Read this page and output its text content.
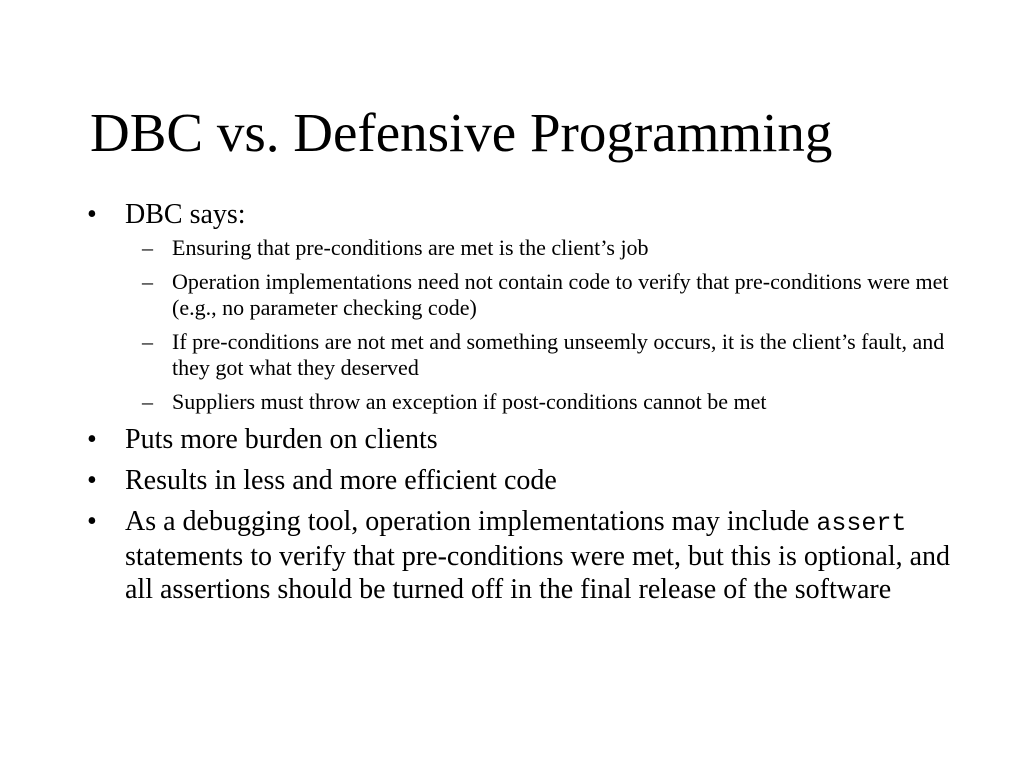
DBC vs. Defensive Programming
• DBC says:
– Ensuring that pre-conditions are met is the client’s job
– Operation implementations need not contain code to verify that pre-conditions were met (e.g., no parameter checking code)
– If pre-conditions are not met and something unseemly occurs, it is the client’s fault, and they got what they deserved
– Suppliers must throw an exception if post-conditions cannot be met
• Puts more burden on clients
• Results in less and more efficient code
• As a debugging tool, operation implementations may include assert statements to verify that pre-conditions were met, but this is optional, and all assertions should be turned off in the final release of the software
